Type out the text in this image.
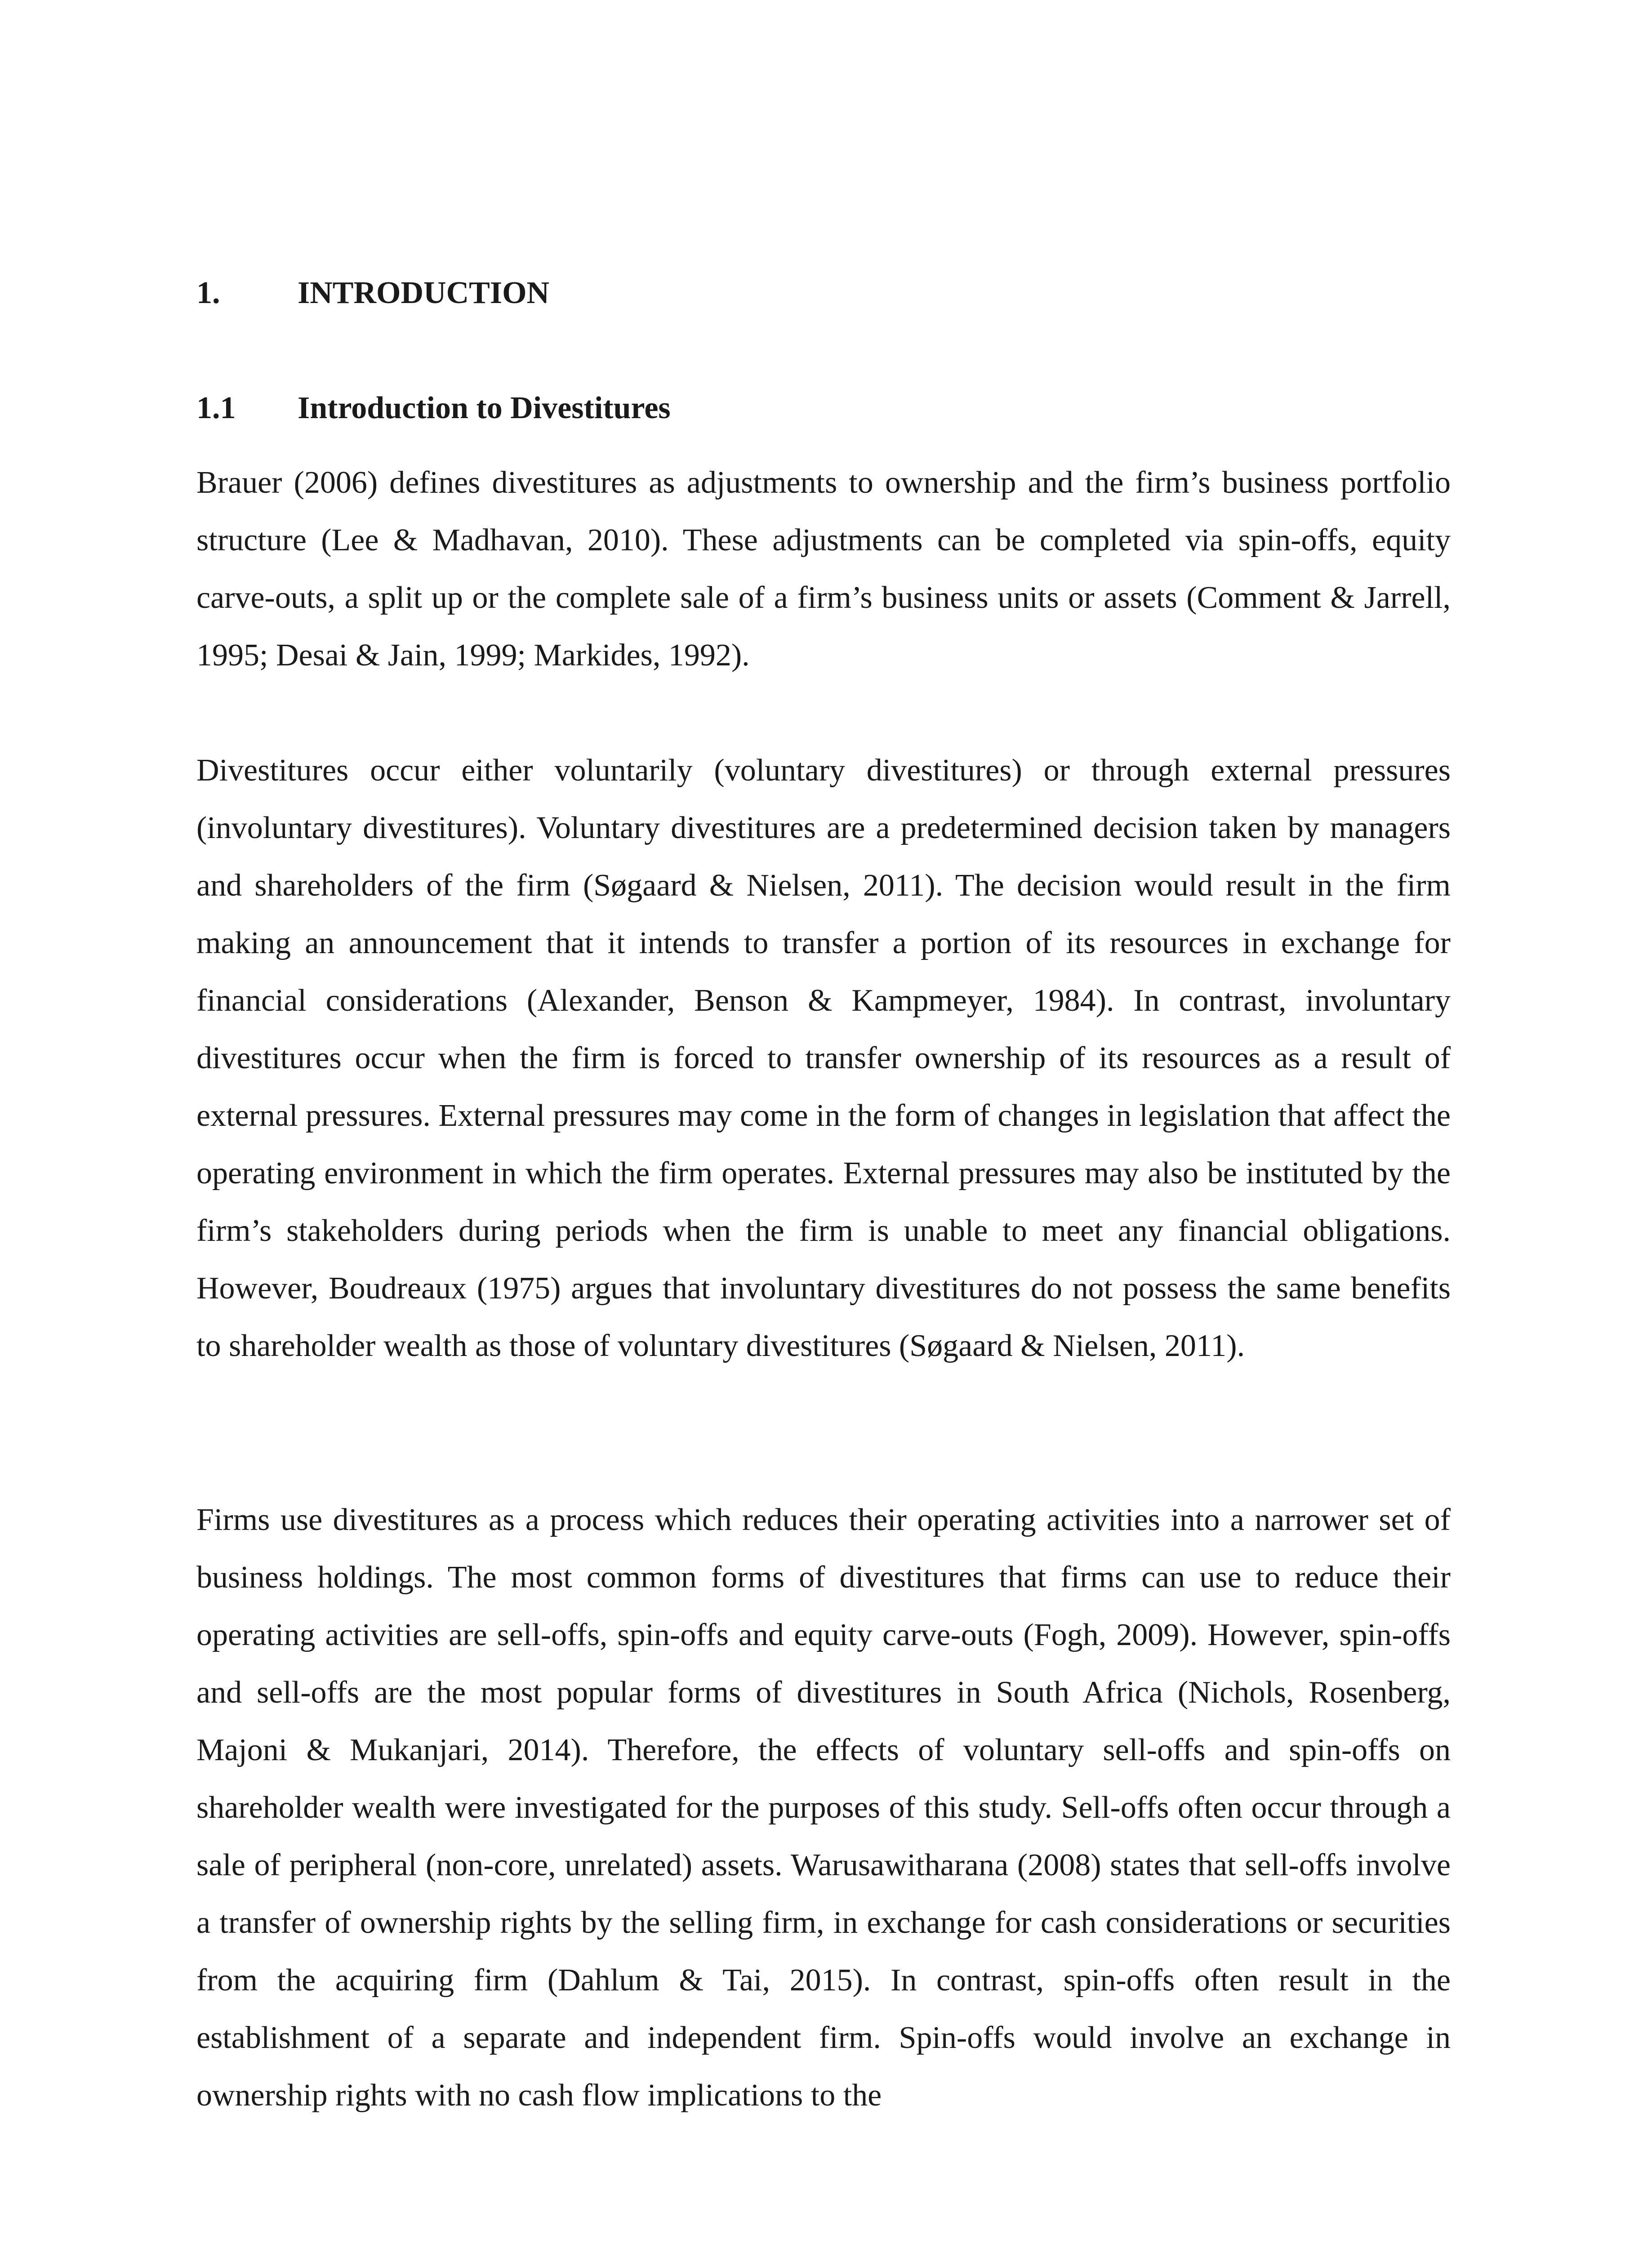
1. INTRODUCTION
1.1 Introduction to Divestitures

Brauer (2006) defines divestitures as adjustments to ownership and the firm’s business portfolio structure (Lee & Madhavan, 2010). These adjustments can be completed via spin-offs, equity carve-outs, a split up or the complete sale of a firm’s business units or assets (Comment & Jarrell, 1995; Desai & Jain, 1999; Markides, 1992).

Divestitures occur either voluntarily (voluntary divestitures) or through external pressures (involuntary divestitures). Voluntary divestitures are a predetermined decision taken by managers and shareholders of the firm (Søgaard & Nielsen, 2011). The decision would result in the firm making an announcement that it intends to transfer a portion of its resources in exchange for financial considerations (Alexander, Benson & Kampmeyer, 1984). In contrast, involuntary divestitures occur when the firm is forced to transfer ownership of its resources as a result of external pressures. External pressures may come in the form of changes in legislation that affect the operating environment in which the firm operates. External pressures may also be instituted by the firm’s stakeholders during periods when the firm is unable to meet any financial obligations. However, Boudreaux (1975) argues that involuntary divestitures do not possess the same benefits to shareholder wealth as those of voluntary divestitures (Søgaard & Nielsen, 2011).

Firms use divestitures as a process which reduces their operating activities into a narrower set of business holdings. The most common forms of divestitures that firms can use to reduce their operating activities are sell-offs, spin-offs and equity carve-outs (Fogh, 2009). However, spin-offs and sell-offs are the most popular forms of divestitures in South Africa (Nichols, Rosenberg, Majoni & Mukanjari, 2014). Therefore, the effects of voluntary sell-offs and spin-offs on shareholder wealth were investigated for the purposes of this study. Sell-offs often occur through a sale of peripheral (non-core, unrelated) assets. Warusawitharana (2008) states that sell-offs involve a transfer of ownership rights by the selling firm, in exchange for cash considerations or securities from the acquiring firm (Dahlum & Tai, 2015). In contrast, spin-offs often result in the establishment of a separate and independent firm. Spin-offs would involve an exchange in ownership rights with no cash flow implications to the
